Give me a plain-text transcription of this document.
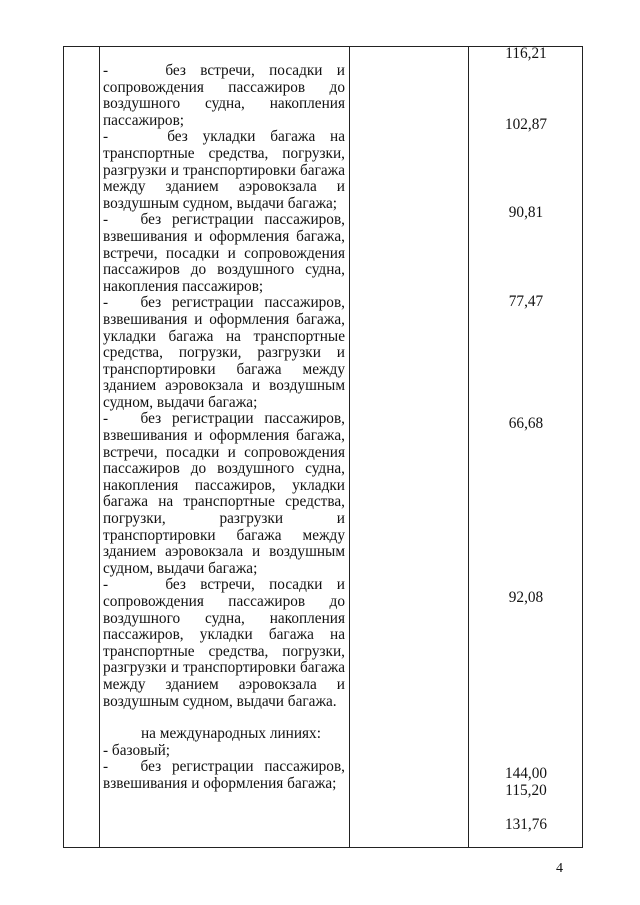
-    без встречи, посадки и сопровождения пассажиров до воздушного судна, накопления пассажиров;

-    без укладки багажа на транспортные средства, погрузки, разгрузки и транспортировки багажа между зданием аэровокзала и воздушным судном, выдачи багажа;

-   без регистрации пассажиров, взвешивания и оформления багажа, встречи, посадки и сопровождения пассажиров до воздушного судна, накопления пассажиров;

-   без регистрации пассажиров, взвешивания и оформления багажа, укладки багажа на транспортные средства, погрузки, разгрузки и транспортировки багажа между зданием аэровокзала и воздушным судном, выдачи багажа;

-   без регистрации пассажиров, взвешивания и оформления багажа, встречи, посадки и сопровождения пассажиров до воздушного судна, накопления пассажиров, укладки багажа на транспортные средства, погрузки, разгрузки и транспортировки багажа между зданием аэровокзала и воздушным судном, выдачи багажа;

-    без встречи, посадки и сопровождения пассажиров до воздушного судна, накопления пассажиров, укладки багажа на транспортные средства, погрузки, разгрузки и транспортировки багажа между зданием аэровокзала и воздушным судном, выдачи багажа.

на международных линиях:

- базовый;

-   без регистрации пассажиров, взвешивания и оформления багажа;

116,21
102,87
90,81
77,47
66,68
92,08
144,00
115,20
131,76
4
